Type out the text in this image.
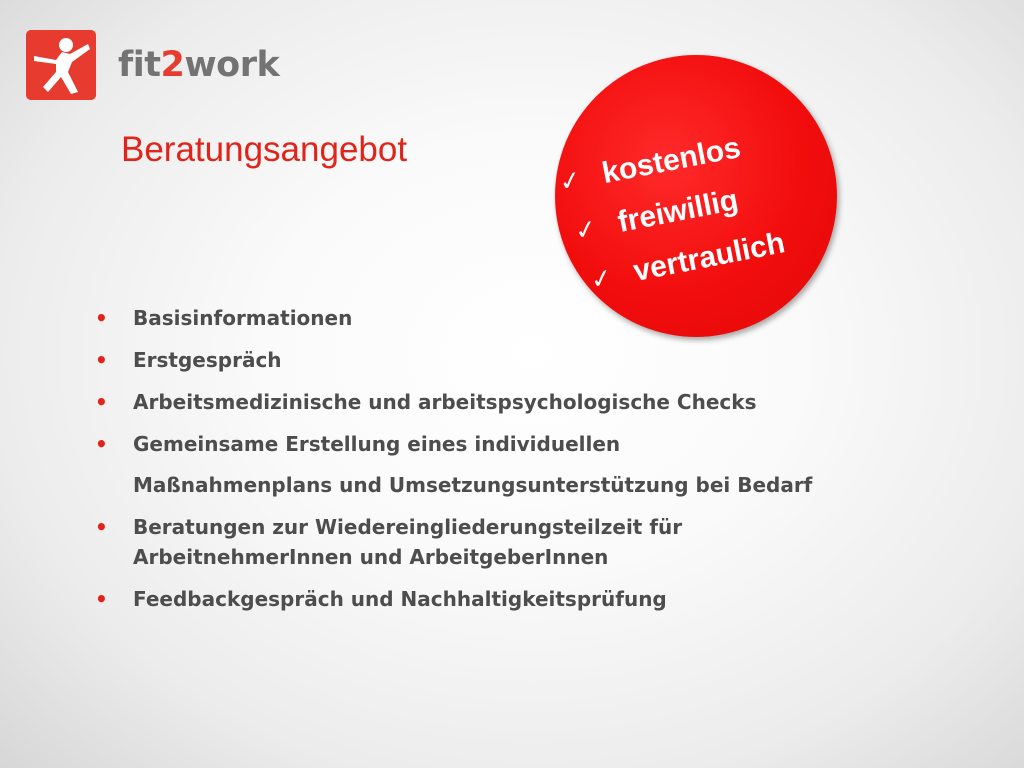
fit2work
Beratungsangebot
✓ kostenlos
✓ freiwillig
✓ vertraulich
• Basisinformationen
• Erstgespräch
• Arbeitsmedizinische und arbeitspsychologische Checks
• Gemeinsame Erstellung eines individuellen
Maßnahmenplans und Umsetzungsunterstützung bei Bedarf
• Beratungen zur Wiedereingliederungsteilzeit für
ArbeitnehmerInnen und ArbeitgeberInnen
• Feedbackgespräch und Nachhaltigkeitsprüfung
